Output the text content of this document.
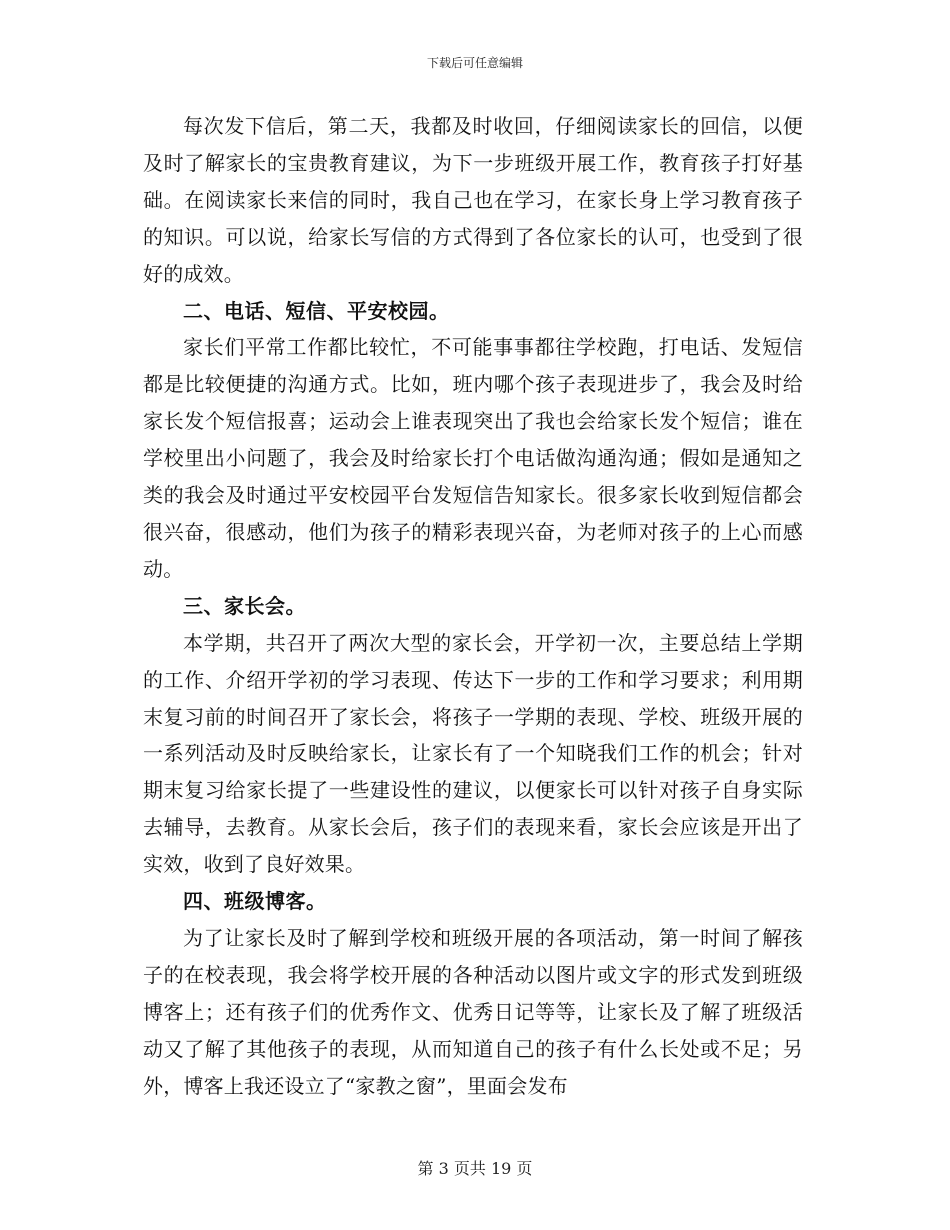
下载后可任意编辑

每次发下信后，第二天，我都及时收回，仔细阅读家长的回信，以便及时了解家长的宝贵教育建议，为下一步班级开展工作，教育孩子打好基础。在阅读家长来信的同时，我自己也在学习，在家长身上学习教育孩子的知识。可以说，给家长写信的方式得到了各位家长的认可，也受到了很好的成效。

二、电话、短信、平安校园。

家长们平常工作都比较忙，不可能事事都往学校跑，打电话、发短信都是比较便捷的沟通方式。比如，班内哪个孩子表现进步了，我会及时给家长发个短信报喜；运动会上谁表现突出了我也会给家长发个短信；谁在学校里出小问题了，我会及时给家长打个电话做沟通沟通；假如是通知之类的我会及时通过平安校园平台发短信告知家长。很多家长收到短信都会很兴奋，很感动，他们为孩子的精彩表现兴奋，为老师对孩子的上心而感动。

三、家长会。

本学期，共召开了两次大型的家长会，开学初一次，主要总结上学期的工作、介绍开学初的学习表现、传达下一步的工作和学习要求；利用期末复习前的时间召开了家长会，将孩子一学期的表现、学校、班级开展的一系列活动及时反映给家长，让家长有了一个知晓我们工作的机会；针对期末复习给家长提了一些建设性的建议，以便家长可以针对孩子自身实际去辅导，去教育。从家长会后，孩子们的表现来看，家长会应该是开出了实效，收到了良好效果。

四、班级博客。

为了让家长及时了解到学校和班级开展的各项活动，第一时间了解孩子的在校表现，我会将学校开展的各种活动以图片或文字的形式发到班级博客上；还有孩子们的优秀作文、优秀日记等等，让家长及了解了班级活动又了解了其他孩子的表现，从而知道自己的孩子有什么长处或不足；另外，博客上我还设立了“家教之窗”，里面会发布

第 3 页共 19 页
